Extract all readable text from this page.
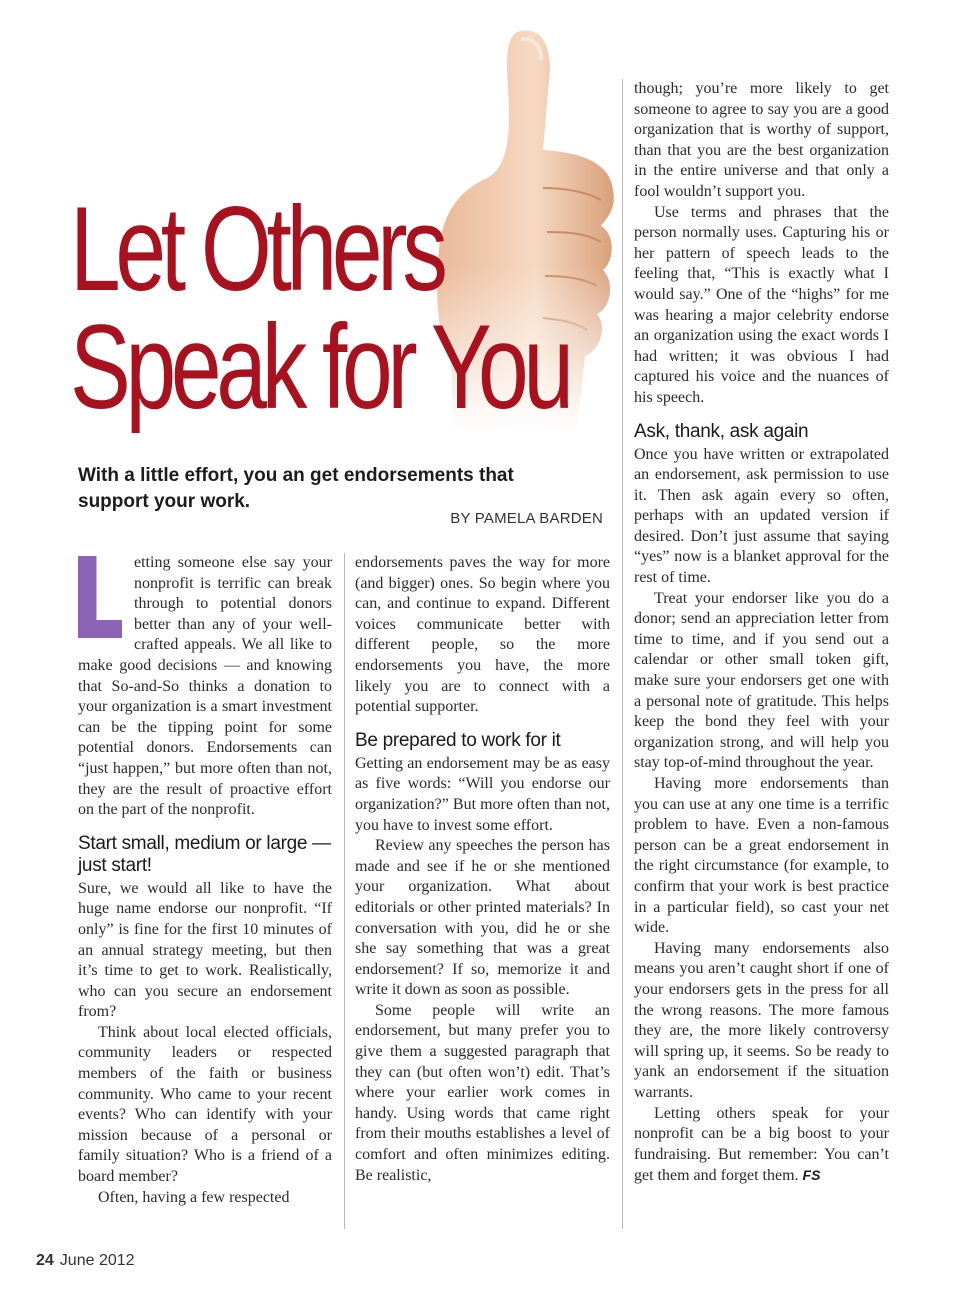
Let Others
Speak for You
With a little effort, you an get endorsements that support your work.
BY PAMELA BARDEN

etting someone else say your nonprofit is terrific can break through to potential donors better than any of your well-crafted appeals. We all like to make good decisions — and knowing that So-and-So thinks a donation to your organization is a smart investment can be the tipping point for some potential donors. Endorsements can “just happen,” but more often than not, they are the result of proactive effort on the part of the nonprofit.

Start small, medium or large — just start!

Sure, we would all like to have the huge name endorse our nonprofit. “If only” is fine for the first 10 minutes of an annual strategy meeting, but then it’s time to get to work. Realistically, who can you secure an endorsement from?

Think about local elected officials, community leaders or respected members of the faith or business community. Who came to your recent events? Who can identify with your mission because of a personal or family situation? Who is a friend of a board member?

Often, having a few respected

endorsements paves the way for more (and bigger) ones. So begin where you can, and continue to expand. Different voices communicate better with different people, so the more endorsements you have, the more likely you are to connect with a potential supporter.

Be prepared to work for it

Getting an endorsement may be as easy as five words: “Will you endorse our organization?” But more often than not, you have to invest some effort.

Review any speeches the person has made and see if he or she mentioned your organization. What about editorials or other printed materials? In conversation with you, did he or she she say something that was a great endorsement? If so, memorize it and write it down as soon as possible.

Some people will write an endorsement, but many prefer you to give them a suggested paragraph that they can (but often won’t) edit. That’s where your earlier work comes in handy. Using words that came right from their mouths establishes a level of comfort and often minimizes editing. Be realistic,

though; you’re more likely to get someone to agree to say you are a good organization that is worthy of support, than that you are the best organization in the entire universe and that only a fool wouldn’t support you.

Use terms and phrases that the person normally uses. Capturing his or her pattern of speech leads to the feeling that, “This is exactly what I would say.” One of the “highs” for me was hearing a major celebrity endorse an organization using the exact words I had written; it was obvious I had captured his voice and the nuances of his speech.

Ask, thank, ask again

Once you have written or extrapolated an endorsement, ask permission to use it. Then ask again every so often, perhaps with an updated version if desired. Don’t just assume that saying “yes” now is a blanket approval for the rest of time.

Treat your endorser like you do a donor; send an appreciation letter from time to time, and if you send out a calendar or other small token gift, make sure your endorsers get one with a personal note of gratitude. This helps keep the bond they feel with your organization strong, and will help you stay top-of-mind throughout the year.

Having more endorsements than you can use at any one time is a terrific problem to have. Even a non-famous person can be a great endorsement in the right circumstance (for example, to confirm that your work is best practice in a particular field), so cast your net wide.

Having many endorsements also means you aren’t caught short if one of your endorsers gets in the press for all the wrong reasons. The more famous they are, the more likely controversy will spring up, it seems. So be ready to yank an endorsement if the situation warrants.

Letting others speak for your nonprofit can be a big boost to your fundraising. But remember: You can’t get them and forget them. FS

24 June 2012
